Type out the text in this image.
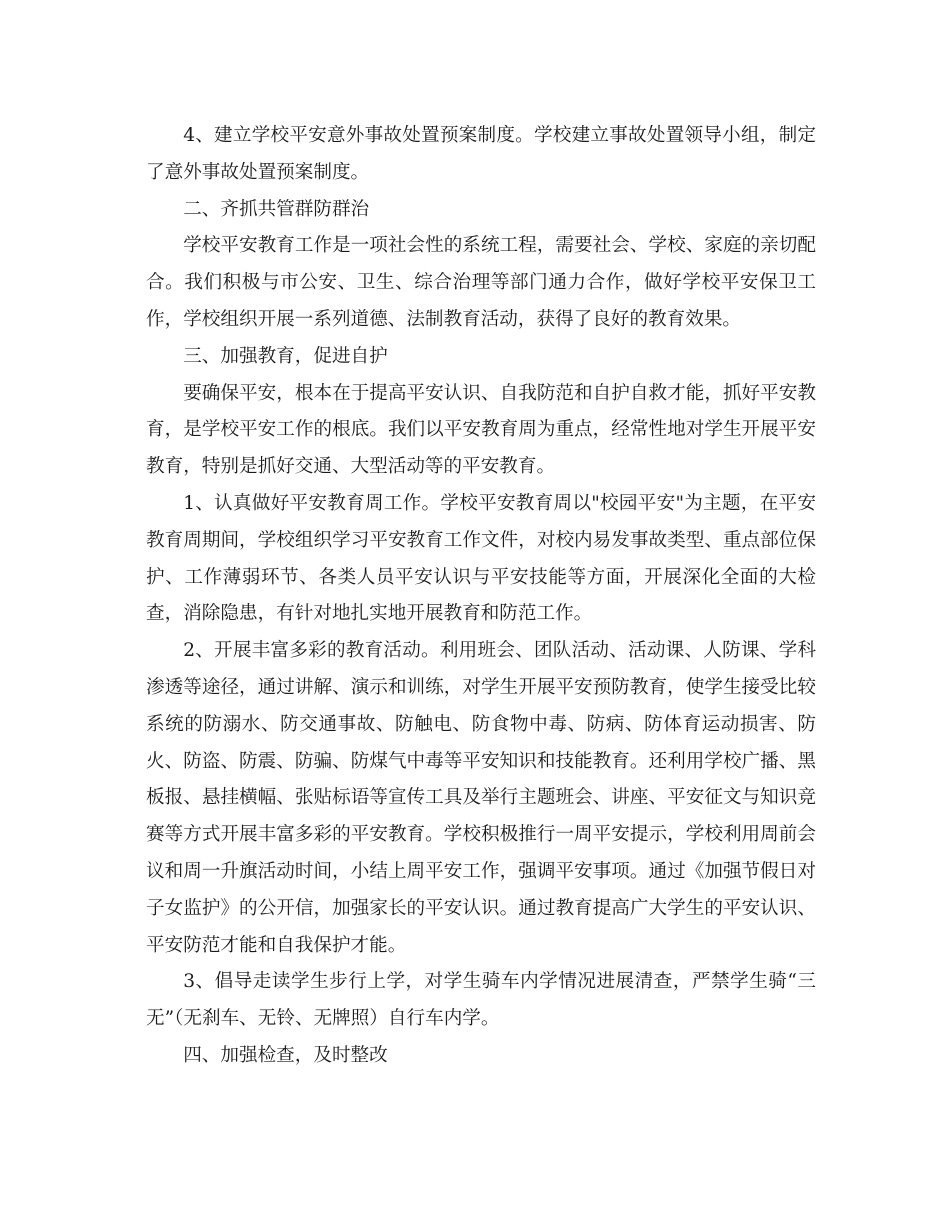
4、建立学校平安意外事故处置预案制度。学校建立事故处置领导小组，制定了意外事故处置预案制度。

二、齐抓共管群防群治

学校平安教育工作是一项社会性的系统工程，需要社会、学校、家庭的亲切配合。我们积极与市公安、卫生、综合治理等部门通力合作，做好学校平安保卫工作，学校组织开展一系列道德、法制教育活动，获得了良好的教育效果。

三、加强教育，促进自护

要确保平安，根本在于提高平安认识、自我防范和自护自救才能，抓好平安教育，是学校平安工作的根底。我们以平安教育周为重点，经常性地对学生开展平安教育，特别是抓好交通、大型活动等的平安教育。

1、认真做好平安教育周工作。学校平安教育周以"校园平安"为主题，在平安教育周期间，学校组织学习平安教育工作文件，对校内易发事故类型、重点部位保护、工作薄弱环节、各类人员平安认识与平安技能等方面，开展深化全面的大检查，消除隐患，有针对地扎实地开展教育和防范工作。

2、开展丰富多彩的教育活动。利用班会、团队活动、活动课、人防课、学科渗透等途径，通过讲解、演示和训练，对学生开展平安预防教育，使学生接受比较系统的防溺水、防交通事故、防触电、防食物中毒、防病、防体育运动损害、防火、防盗、防震、防骗、防煤气中毒等平安知识和技能教育。还利用学校广播、黑板报、悬挂横幅、张贴标语等宣传工具及举行主题班会、讲座、平安征文与知识竞赛等方式开展丰富多彩的平安教育。学校积极推行一周平安提示，学校利用周前会议和周一升旗活动时间，小结上周平安工作，强调平安事项。通过《加强节假日对子女监护》的公开信，加强家长的平安认识。通过教育提高广大学生的平安认识、平安防范才能和自我保护才能。

3、倡导走读学生步行上学，对学生骑车内学情况进展清查，严禁学生骑“三无”（无刹车、无铃、无牌照）自行车内学。

四、加强检查，及时整改
